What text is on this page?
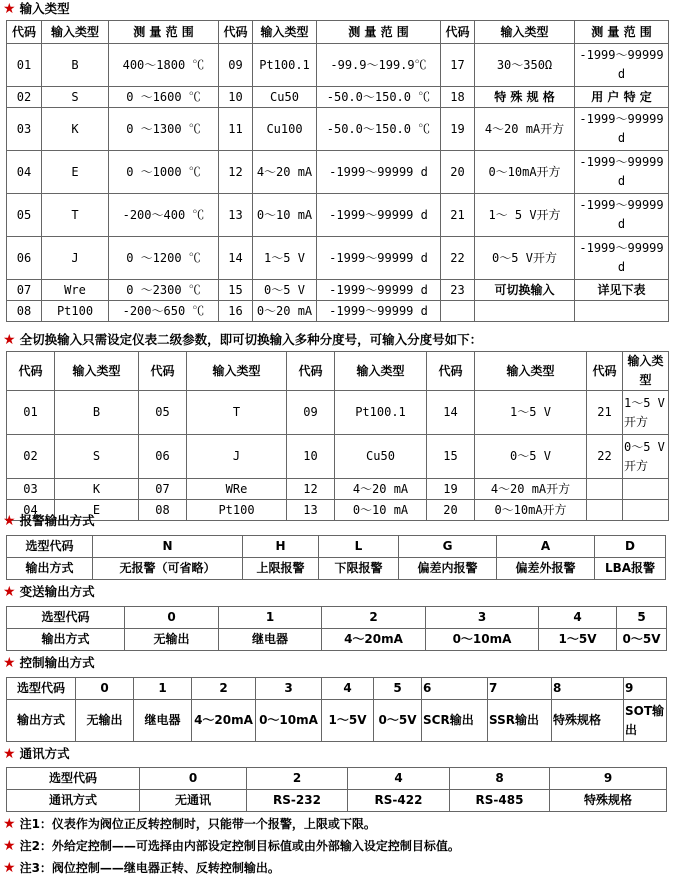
★ 输入类型
代码	输入类型	测 量 范 围	代码	输入类型	测 量 范 围	代码	输入类型	测 量 范 围
01	B	400～1800 ℃	09	Pt100.1	-99.9～199.9℃	17	30～350Ω	-1999～99999 d
02	S	0 ～1600 ℃	10	Cu50	-50.0～150.0 ℃	18	特 殊 规 格	用 户 特 定
03	K	0 ～1300 ℃	11	Cu100	-50.0～150.0 ℃	19	4～20 mA开方	-1999～99999 d
04	E	0 ～1000 ℃	12	4～20 mA	-1999～99999 d	20	0～10mA开方	-1999～99999 d
05	T	-200～400 ℃	13	0～10 mA	-1999～99999 d	21	1～ 5 V开方	-1999～99999 d
06	J	0 ～1200 ℃	14	1～5 V	-1999～99999 d	22	0～5 V开方	-1999～99999 d
07	Wre	0 ～2300 ℃	15	0～5 V	-1999～99999 d	23	可切换输入	详见下表
08	Pt100	-200～650 ℃	16	0～20 mA	-1999～99999 d			
★ 全切换输入只需设定仪表二级参数，即可切换输入多种分度号，可输入分度号如下：
代码	输入类型	代码	输入类型	代码	输入类型	代码	输入类型	代码	输入类型
01	B	05	T	09	Pt100.1	14	1～5 V	21	1～5 V开方
02	S	06	J	10	Cu50	15	0～5 V	22	0～5 V开方
03	K	07	WRe	12	4～20 mA	19	4～20 mA开方		
04	E	08	Pt100	13	0～10 mA	20	0～10mA开方		
★ 报警输出方式
选型代码	N	H	L	G	A	D
输出方式	无报警（可省略）	上限报警	下限报警	偏差内报警	偏差外报警	LBA报警
★ 变送输出方式
选型代码	0	1	2	3	4	5
输出方式	无输出	继电器	4～20mA	0～10mA	1～5V	0～5V
★ 控制输出方式
选型代码	0	1	2	3	4	5	6	7	8	9
输出方式	无输出	继电器	4～20mA	0～10mA	1～5V	0～5V	SCR输出	SSR输出	特殊规格	SOT输出
★ 通讯方式
选型代码	0	2	4	8	9
通讯方式	无通讯	RS-232	RS-422	RS-485	特殊规格
★ 注1：仪表作为阀位正反转控制时，只能带一个报警，上限或下限。
★ 注2：外给定控制——可选择由内部设定控制目标值或由外部输入设定控制目标值。
★ 注3：阀位控制——继电器正转、反转控制输出。
